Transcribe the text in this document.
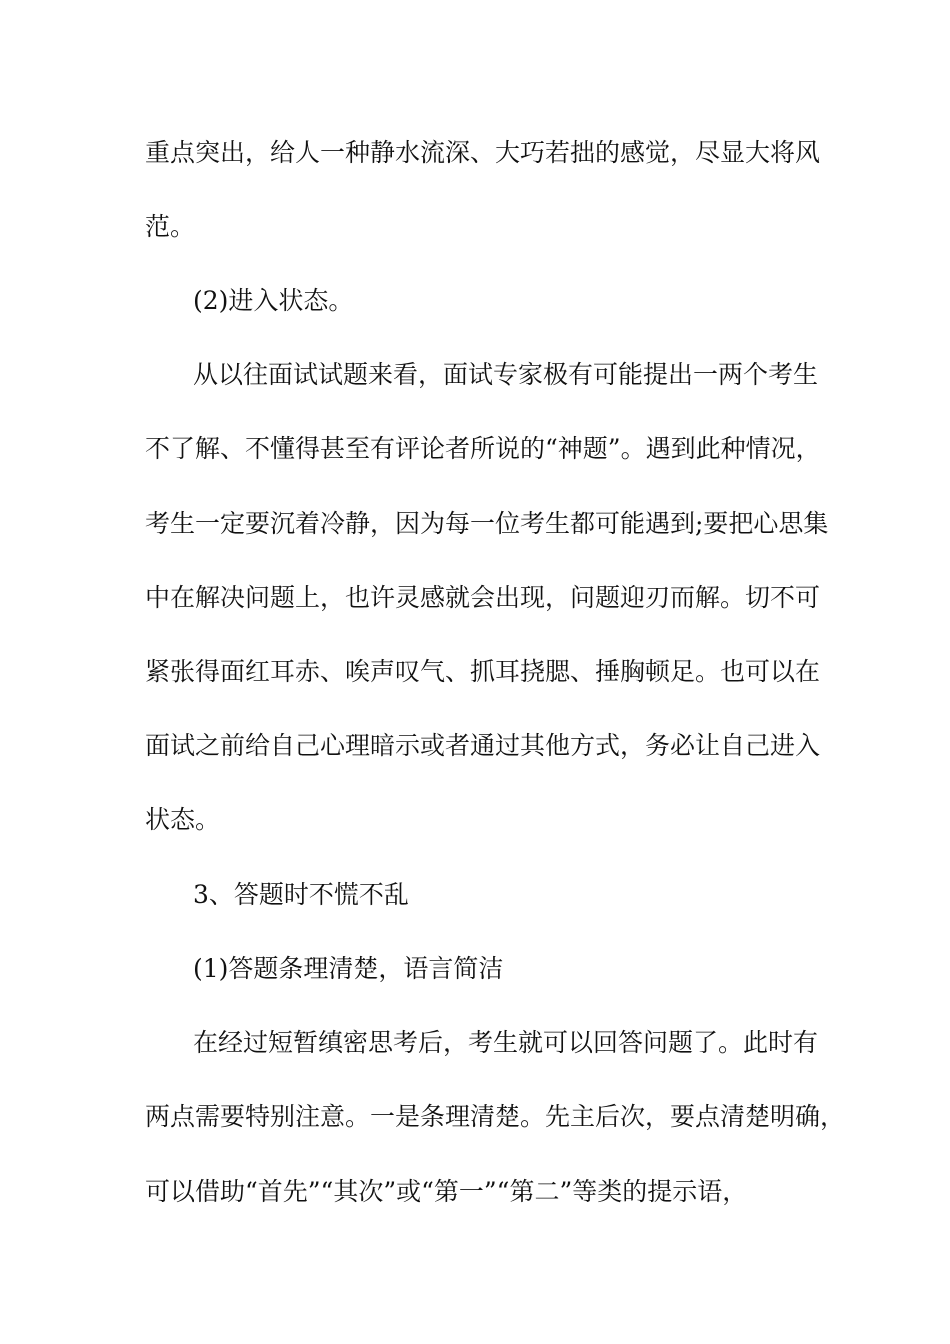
重点突出，给人一种静水流深、大巧若拙的感觉，尽显大将风
范。
(2)进入状态。
从以往面试试题来看，面试专家极有可能提出一两个考生
不了解、不懂得甚至有评论者所说的“神题”。遇到此种情况，
考生一定要沉着冷静，因为每一位考生都可能遇到;要把心思集
中在解决问题上，也许灵感就会出现，问题迎刃而解。切不可
紧张得面红耳赤、唉声叹气、抓耳挠腮、捶胸顿足。也可以在
面试之前给自己心理暗示或者通过其他方式，务必让自己进入
状态。
3、答题时不慌不乱
(1)答题条理清楚，语言简洁
在经过短暂缜密思考后，考生就可以回答问题了。此时有
两点需要特别注意。一是条理清楚。先主后次，要点清楚明确，
可以借助“首先”“其次”或“第一”“第二”等类的提示语，
